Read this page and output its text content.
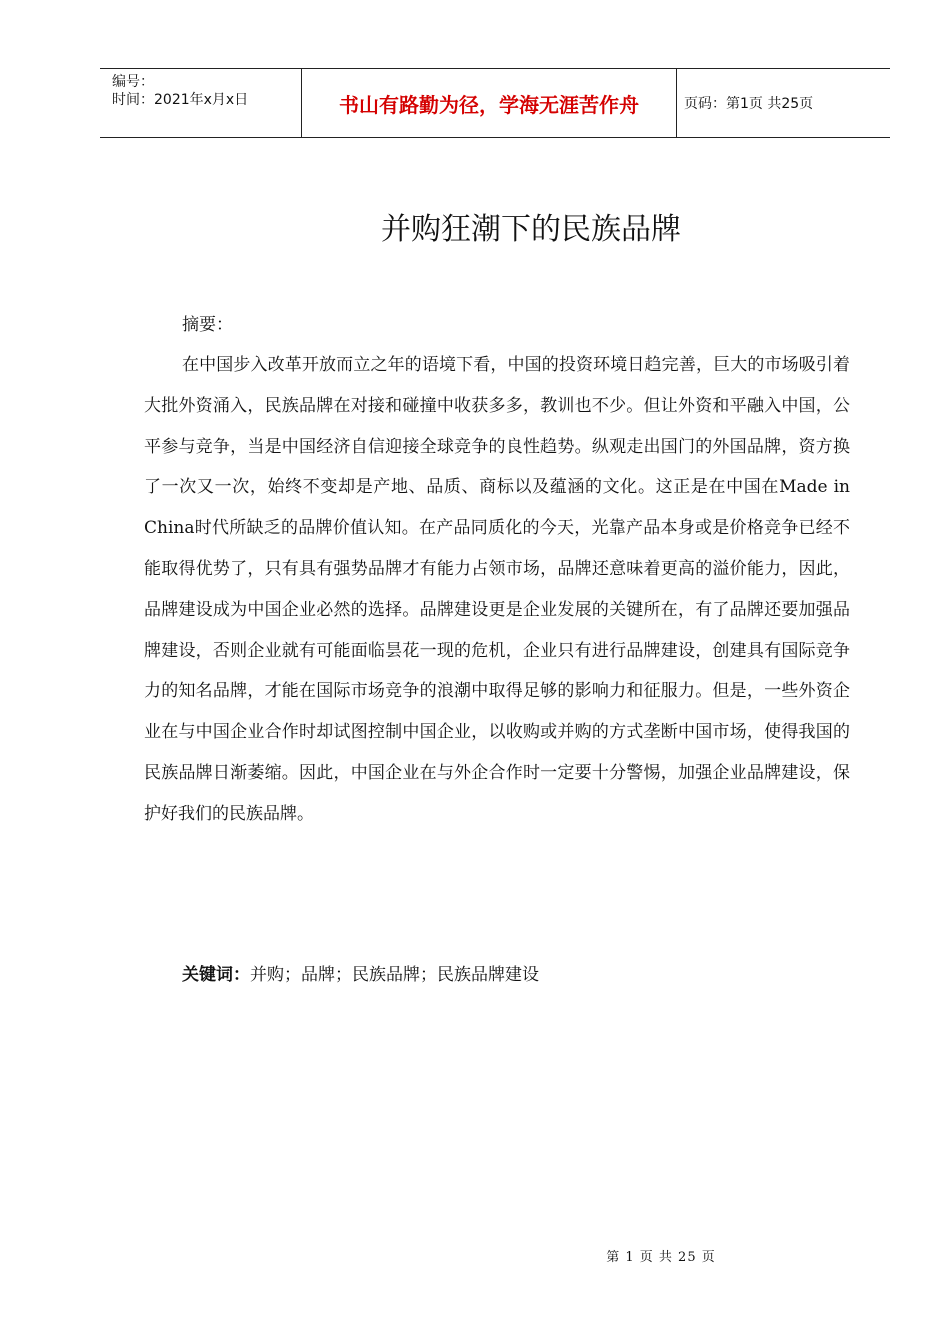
编号：
时间：2021年x月x日	书山有路勤为径，学海无涯苦作舟	页码：第1页 共25页
并购狂潮下的民族品牌
摘要：

在中国步入改革开放而立之年的语境下看，中国的投资环境日趋完善，巨大的市场吸引着大批外资涌入，民族品牌在对接和碰撞中收获多多，教训也不少。但让外资和平融入中国，公平参与竞争，当是中国经济自信迎接全球竞争的良性趋势。纵观走出国门的外国品牌，资方换了一次又一次，始终不变却是产地、品质、商标以及蕴涵的文化。这正是在中国在Made in China时代所缺乏的品牌价值认知。在产品同质化的今天，光靠产品本身或是价格竞争已经不能取得优势了，只有具有强势品牌才有能力占领市场，品牌还意味着更高的溢价能力，因此，品牌建设成为中国企业必然的选择。品牌建设更是企业发展的关键所在，有了品牌还要加强品牌建设，否则企业就有可能面临昙花一现的危机，企业只有进行品牌建设，创建具有国际竞争力的知名品牌，才能在国际市场竞争的浪潮中取得足够的影响力和征服力。但是，一些外资企业在与中国企业合作时却试图控制中国企业，以收购或并购的方式垄断中国市场，使得我国的民族品牌日渐萎缩。因此，中国企业在与外企合作时一定要十分警惕，加强企业品牌建设，保护好我们的民族品牌。

关键词：并购；品牌；民族品牌；民族品牌建设
第 1 页 共 25 页
